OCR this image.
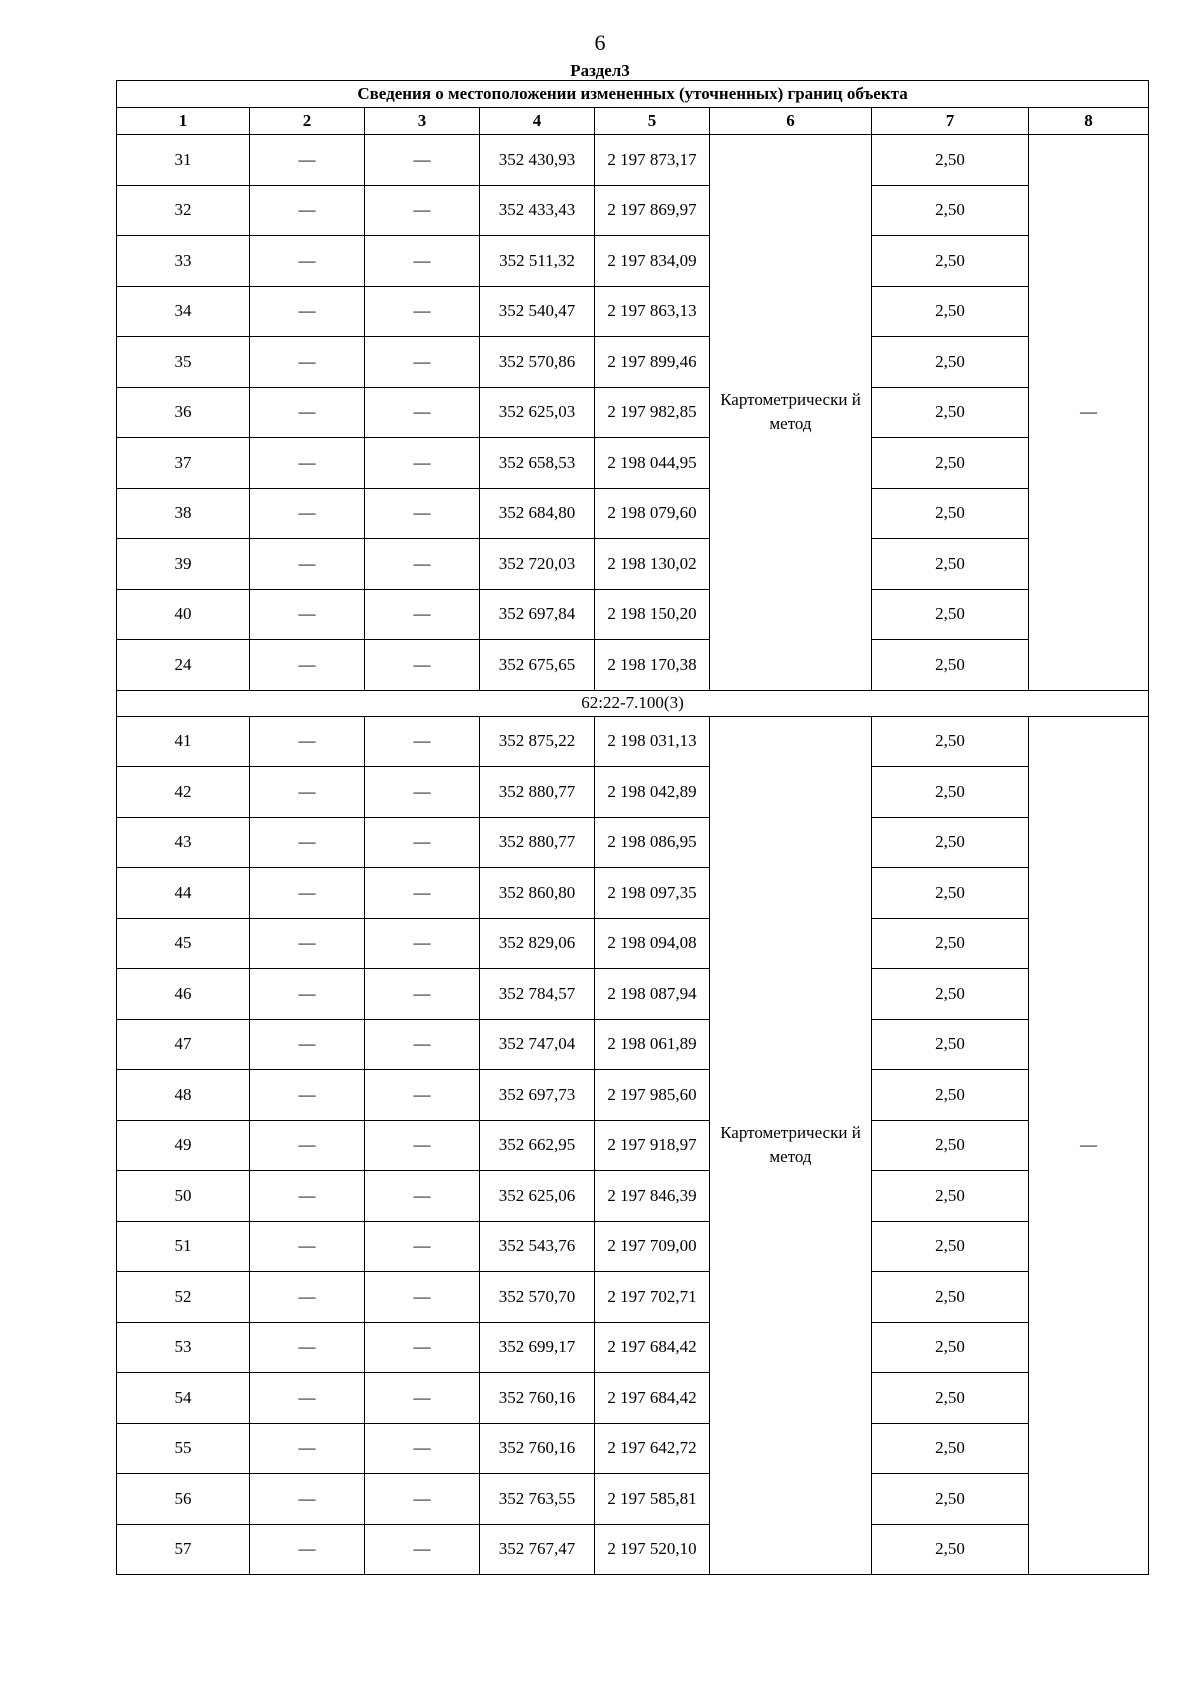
6
Раздел3
Сведения о местоположении измененных (уточненных) границ объекта							
1	2	3	4	5	6	7	8
31	—	—	352 430,93	2 197 873,17	Картометрически й метод	2,50	—
32	—	—	352 433,43	2 197 869,97		2,50	
33	—	—	352 511,32	2 197 834,09		2,50	
34	—	—	352 540,47	2 197 863,13		2,50	
35	—	—	352 570,86	2 197 899,46		2,50	
36	—	—	352 625,03	2 197 982,85		2,50	
37	—	—	352 658,53	2 198 044,95		2,50	
38	—	—	352 684,80	2 198 079,60		2,50	
39	—	—	352 720,03	2 198 130,02		2,50	
40	—	—	352 697,84	2 198 150,20		2,50	
24	—	—	352 675,65	2 198 170,38		2,50	
62:22-7.100(3)							
41	—	—	352 875,22	2 198 031,13	Картометрически й метод	2,50	—
42	—	—	352 880,77	2 198 042,89		2,50	
43	—	—	352 880,77	2 198 086,95		2,50	
44	—	—	352 860,80	2 198 097,35		2,50	
45	—	—	352 829,06	2 198 094,08		2,50	
46	—	—	352 784,57	2 198 087,94		2,50	
47	—	—	352 747,04	2 198 061,89		2,50	
48	—	—	352 697,73	2 197 985,60		2,50	
49	—	—	352 662,95	2 197 918,97		2,50	
50	—	—	352 625,06	2 197 846,39		2,50	
51	—	—	352 543,76	2 197 709,00		2,50	
52	—	—	352 570,70	2 197 702,71		2,50	
53	—	—	352 699,17	2 197 684,42		2,50	
54	—	—	352 760,16	2 197 684,42		2,50	
55	—	—	352 760,16	2 197 642,72		2,50	
56	—	—	352 763,55	2 197 585,81		2,50	
57	—	—	352 767,47	2 197 520,10		2,50	
